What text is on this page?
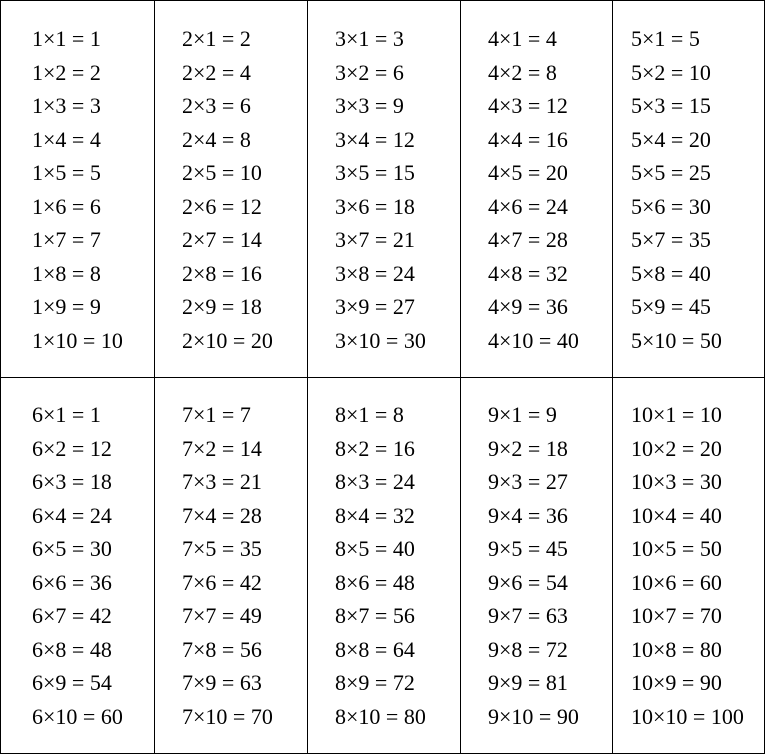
1×1 = 1
1×2 = 2
1×3 = 3
1×4 = 4
1×5 = 5
1×6 = 6
1×7 = 7
1×8 = 8
1×9 = 9
1×10 = 10
2×1 = 2
2×2 = 4
2×3 = 6
2×4 = 8
2×5 = 10
2×6 = 12
2×7 = 14
2×8 = 16
2×9 = 18
2×10 = 20
3×1 = 3
3×2 = 6
3×3 = 9
3×4 = 12
3×5 = 15
3×6 = 18
3×7 = 21
3×8 = 24
3×9 = 27
3×10 = 30
4×1 = 4
4×2 = 8
4×3 = 12
4×4 = 16
4×5 = 20
4×6 = 24
4×7 = 28
4×8 = 32
4×9 = 36
4×10 = 40
5×1 = 5
5×2 = 10
5×3 = 15
5×4 = 20
5×5 = 25
5×6 = 30
5×7 = 35
5×8 = 40
5×9 = 45
5×10 = 50
6×1 = 1
6×2 = 12
6×3 = 18
6×4 = 24
6×5 = 30
6×6 = 36
6×7 = 42
6×8 = 48
6×9 = 54
6×10 = 60
7×1 = 7
7×2 = 14
7×3 = 21
7×4 = 28
7×5 = 35
7×6 = 42
7×7 = 49
7×8 = 56
7×9 = 63
7×10 = 70
8×1 = 8
8×2 = 16
8×3 = 24
8×4 = 32
8×5 = 40
8×6 = 48
8×7 = 56
8×8 = 64
8×9 = 72
8×10 = 80
9×1 = 9
9×2 = 18
9×3 = 27
9×4 = 36
9×5 = 45
9×6 = 54
9×7 = 63
9×8 = 72
9×9 = 81
9×10 = 90
10×1 = 10
10×2 = 20
10×3 = 30
10×4 = 40
10×5 = 50
10×6 = 60
10×7 = 70
10×8 = 80
10×9 = 90
10×10 = 100
